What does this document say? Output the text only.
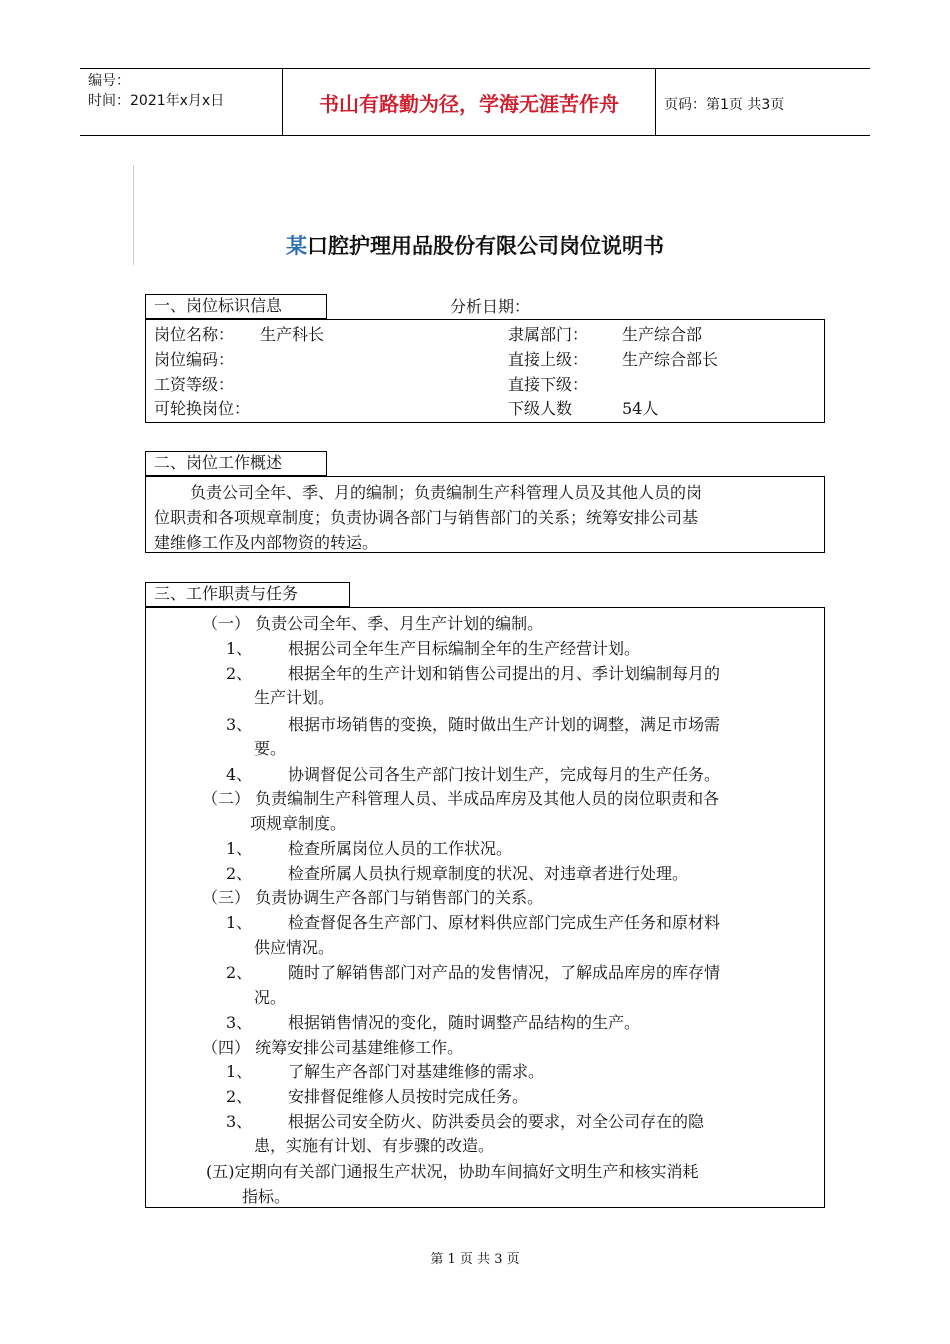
编号：
时间：2021年x月x日	书山有路勤为径，学海无涯苦作舟	页码：第1页 共3页
某口腔护理用品股份有限公司岗位说明书
一、岗位标识信息	分析日期：
岗位名称： 生产科长	隶属部门： 生产综合部
岗位编码：	直接上级： 生产综合部长
工资等级：	直接下级：
可轮换岗位：	下级人数	54人
二、岗位工作概述
负责公司全年、季、月的编制；负责编制生产科管理人员及其他人员的岗
位职责和各项规章制度；负责协调各部门与销售部门的关系；统筹安排公司基
建维修工作及内部物资的转运。
三、工作职责与任务
（一） 负责公司全年、季、月生产计划的编制。
1、 根据公司全年生产目标编制全年的生产经营计划。
2、 根据全年的生产计划和销售公司提出的月、季计划编制每月的
生产计划。
3、 根据市场销售的变换，随时做出生产计划的调整，满足市场需
要。
4、 协调督促公司各生产部门按计划生产，完成每月的生产任务。
（二） 负责编制生产科管理人员、半成品库房及其他人员的岗位职责和各
项规章制度。
1、 检查所属岗位人员的工作状况。
2、 检查所属人员执行规章制度的状况、对违章者进行处理。
（三） 负责协调生产各部门与销售部门的关系。
1、 检查督促各生产部门、原材料供应部门完成生产任务和原材料
供应情况。
2、 随时了解销售部门对产品的发售情况，了解成品库房的库存情
况。
3、 根据销售情况的变化，随时调整产品结构的生产。
（四） 统筹安排公司基建维修工作。
1、 了解生产各部门对基建维修的需求。
2、 安排督促维修人员按时完成任务。
3、 根据公司安全防火、防洪委员会的要求，对全公司存在的隐
患，实施有计划、有步骤的改造。
(五)定期向有关部门通报生产状况，协助车间搞好文明生产和核实消耗
指标。
第 1 页 共 3 页
